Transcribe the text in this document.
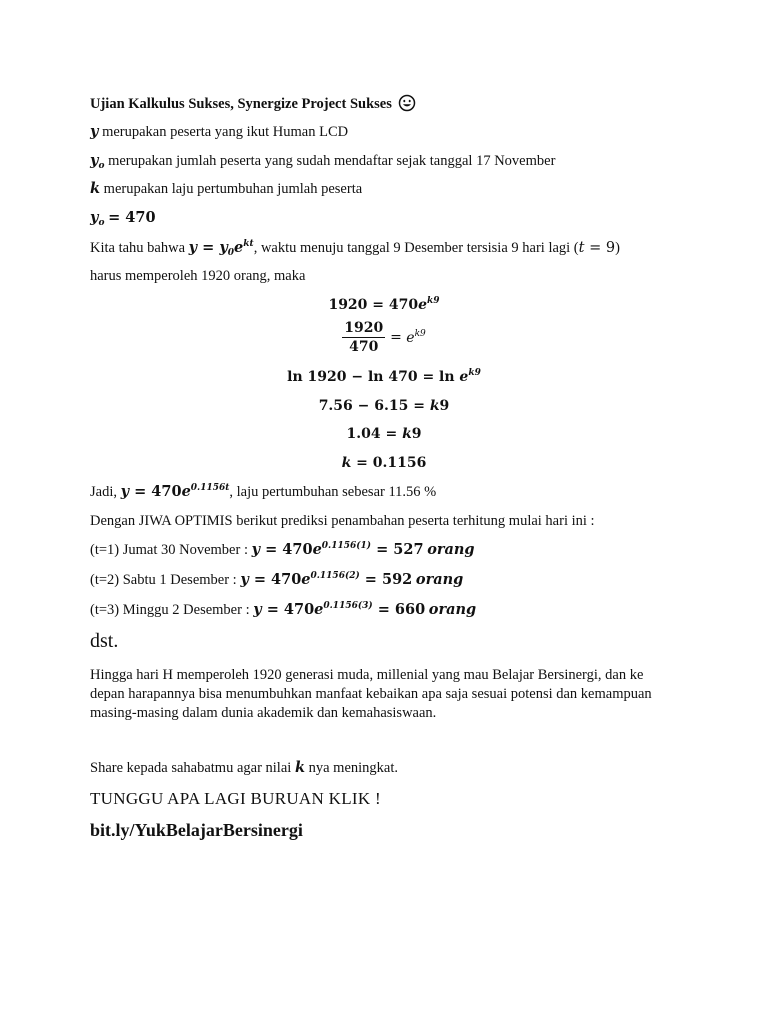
Ujian Kalkulus Sukses, Synergize Project Sukses
y merupakan peserta yang ikut Human LCD
$y_o$ merupakan jumlah peserta yang sudah mendaftar sejak tanggal 17 November
k merupakan laju pertumbuhan jumlah peserta
$y_o = 470$
Kita tahu bahwa $y = y_0e^{kt}$, waktu menuju tanggal 9 Desember tersisia 9 hari lagi (t = 9)
harus memperoleh 1920 orang, maka
$1920 = 470e^{k9}$
$\frac{1920}{470} = e^{k9}$
$\ln 1920 - \ln 470 = \ln e^{k9}$
7.56 − 6.15 = k9
1.04 = k9
k = 0.1156
Jadi, $y = 470e^{0.1156t}$, laju pertumbuhan sebesar 11.56 %
Dengan JIWA OPTIMIS berikut prediksi penambahan peserta terhitung mulai hari ini :
(t=1) Jumat 30 November : $y = 470e^{0.1156(1)} = 527$ orang
(t=2) Sabtu 1 Desember : $y = 470e^{0.1156(2)} = 592$ orang
(t=3) Minggu 2 Desember : $y = 470e^{0.1156(3)} = 660$ orang
dst.
Hingga hari H memperoleh 1920 generasi muda, millenial yang mau Belajar Bersinergi, dan ke
depan harapannya bisa menumbuhkan manfaat kebaikan apa saja sesuai potensi dan kemampuan
masing-masing dalam dunia akademik dan kemahasiswaan.
Share kepada sahabatmu agar nilai k nya meningkat.
TUNGGU APA LAGI BURUAN KLIK !
bit.ly/YukBelajarBersinergi
